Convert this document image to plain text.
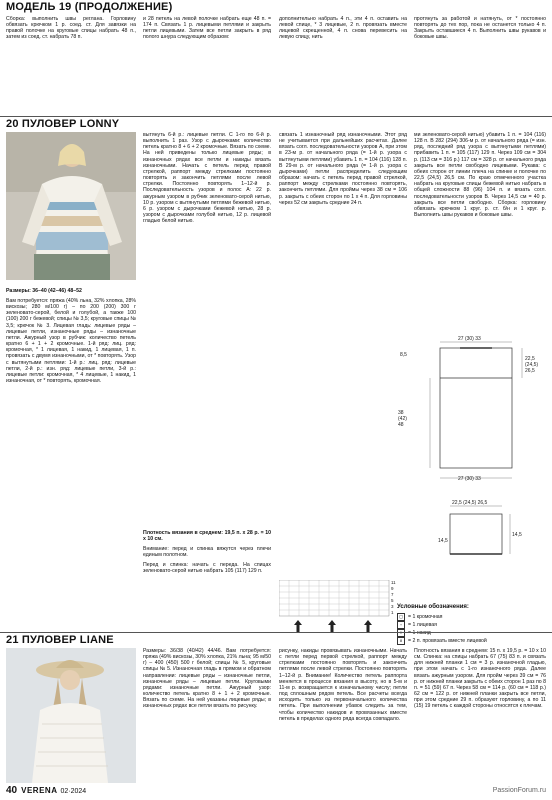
МОДЕЛЬ 19 (ПРОДОЛЖЕНИЕ)
Сборка: выполнить швы реглана. Горловину обвязать крючком 1 р. соед. ст. Для завязки на правой полочке на круговые спицы набрать 48 п., затем из соед. ст. набрать 78 п.
и 28 петель на левой полочке набрать еще 48 п. = 174 п. Связать 1 р. лицевыми петлями и закрыть петли лицевыми. Затем все петли закрыть в ряд полого шнура следующим образом:
дополнительно набрать 4 п., эти 4 п. оставить на левой спице, * 3 лицевые, 2 п. провязать вместе лицевой скрещенной, 4 п. снова перевесить на левую спицу, нить
протянуть за работой и натянуть, от * постоянно повторять до тех пор, пока не останется только 4 п. Закрыть оставшиеся 4 п. Выполнить швы рукавов и боковые швы.
20 ПУЛОВЕР LONNY
Размеры: 36–40 (42–46) 48–52
Вам потребуется: пряжа (40% льна, 32% хлопка, 28% вискозы; 280 м/100 г) – по 200 (200) 300 г зеленовато-серой, белой и голубой, а также 100 (100) 200 г бежевой; спицы № 3,5; круговые спицы № 3,5; крючок № 3. Лицевая гладь: лицевые ряды – лицевые петли, изнаночные ряды – изнаночные петли. Ажурный узор в рубчик: количество петель кратно 6 + 1 + 2 кромочные. 1-й ряд: лиц. ряд: кромочная, * 1 лицевая, 1 накид, 1 лицевая, 1 п. провязать с двумя изнаночными, от * повторять. Узор с вытянутыми петлями: 1-й р.: лиц. ряд: лицевые петли, 2-й р.: изн. ряд: лицевые петли, 3-й р.: лицевые петли: кромочная, * 4 лицевые, 1 накид, 1 изнаночная, от * повторять, кромочная.
вытянуть 6-й р.: лицевые петли. С 1-го по 6-й р. выполнить 1 раз. Узор с дырочками: количество петель кратно 8 + 6 + 2 кромочные. Вязать по схеме. На ней приведены только лицевые ряды; в изнаночных рядах все петли и накиды вязать изнаночными. Начать с петель перед правой стрелкой, раппорт между стрелками постоянно повторять и закончить петлями после левой стрелки. Постоянно повторять 1–12-й р. Последовательность узоров и полос A: 22 р. ажурным узором в рубчик зеленовато-серой нитью, 10 р. узором с вытянутыми петлями бежевой нитью, 6 р. узором с дырочками бежевой нитью, 28 р. узором с дырочками голубой нитью, 12 р. лицевой гладью белой нитью.
Плотность вязания в среднем: 19,5 п. x 28 р. = 10 x 10 см.
Внимание: перед и спинка вяжутся через плечи единым полотном.
Перед и спинка: начать с переда. На спицах зеленовато-серой нитью набрать 105 (117) 129 п.
связать 1 изнаночный ряд изнаночными. Этот ряд не учитывается при дальнейших расчетах. Далее вязать согл. последовательности узоров A, при этом в 23-м р. от начального ряда (= 1-й р. узора с вытянутыми петлями) убавить 1 п. = 104 (116) 128 п. В 29-м р. от начального ряда (= 1-й р. узора с дырочками) петли распределить следующим образом: начать с петель перед правой стрелкой, раппорт между стрелками постоянно повторять, закончить петлями. Для проймы через 38 см = 106 р. закрыть с обеих сторон по 1 х 4 п. Для горловины через 52 см закрыть средние 24 п.
ми зеленовато-серой нитью) убавить 1 п. = 104 (116) 128 п. В 282 (294) 306-м р. от начального ряда (= изн. ряд, последний ряд узора с вытянутыми петлями) прибавить 1 п. = 105 (117) 129 п. Через 109 см = 304 р. (113 см = 316 р.) 117 см = 328 р. от начального ряда закрыть все петли свободно лицевыми. Рукава: с обеих сторон от линии плеча на спинке и полочке по 22,5 (24,5) 26,5 см. По краю отмеченного участка набрать на круговые спицы бежевой нитью набрать в общей сложности 88 (96) 104 п. и вязать согл. последовательности узоров B. Через 14,5 см = 40 р. закрыть все петли свободно. Сборка: горловину обвязать крючком 1 круг. р. ст. б/н и 1 круг. р. Выполнить швы рукавов и боковые швы.
27 (30) 33
27 (30) 33
22,5 (24,5) 26,5
38 (42) 48
8,5
14,5
22,5 (24,5) 26,5
14,5
11
9
7
5
3
1
Условные обозначения:
◻ = 1 кромочная
▫	= 1 лицевая
○	= 1 накид
∧	= 2 п. провязать вместе лицевой
21 ПУЛОВЕР LIANE
Размеры: 36/38 (40/42) 44/46. Вам потребуется: пряжа (49% вискозы, 30% хлопка, 21% льна; 95 м/50 г) – 400 (450) 500 г белой; спицы № 5, круговые спицы № 5. Изнаночная гладь в прямом и обратном направлении: лицевые ряды – изнаночные петли, изнаночные ряды – лицевые петли. Круговыми рядами: изнаночные петли. Ажурный узор: количество петель кратно 8 + 1 + 2 кромочные. Вязать по схеме. На ней указаны лицевые ряды; в изнаночных рядах все петли вязать по рисунку.
рисунку, накиды провязывать изнаночными. Начать с петли перед первой стрелкой, раппорт между стрелками постоянно повторять и закончить петлями после левой стрелки. Постоянно повторять 1–12-й р. Внимание! Количество петель раппорта меняется в процессе вязания в высоту, но в 5-м и 11-м р. возвращается к изначальному числу; петли под сплошным рядом петель. Все расчеты всегда исходить только из первоначального количества петель. При выполнении убавок следить за тем, чтобы количество накидов и провязанных вместе петель в пределах одного ряда всегда совпадало.
Плотность вязания в среднем: 15 п. x 19,5 р. = 10 x 10 см. Спинка: на спицы набрать 67 (75) 83 п. и связать для нижней планки 1 см = 3 р. изнаночной гладью, при этом начать с 1-го изнаночного ряда. Далее вязать ажурным узором. Для пройм через 39 см = 76 р. от нижней планки закрыть с обеих сторон 1 раз по 8 п. = 51 (59) 67 п. Через 58 см = 114 р. (60 см = 118 р.) 62 см = 122 р. от нижней планки закрыть все петли, при этом средние 29 п. образуют горловину, а по 11 (15) 19 петель с каждой стороны относятся к плечам.
40 VERENA 02·2024	PassionForum.ru
